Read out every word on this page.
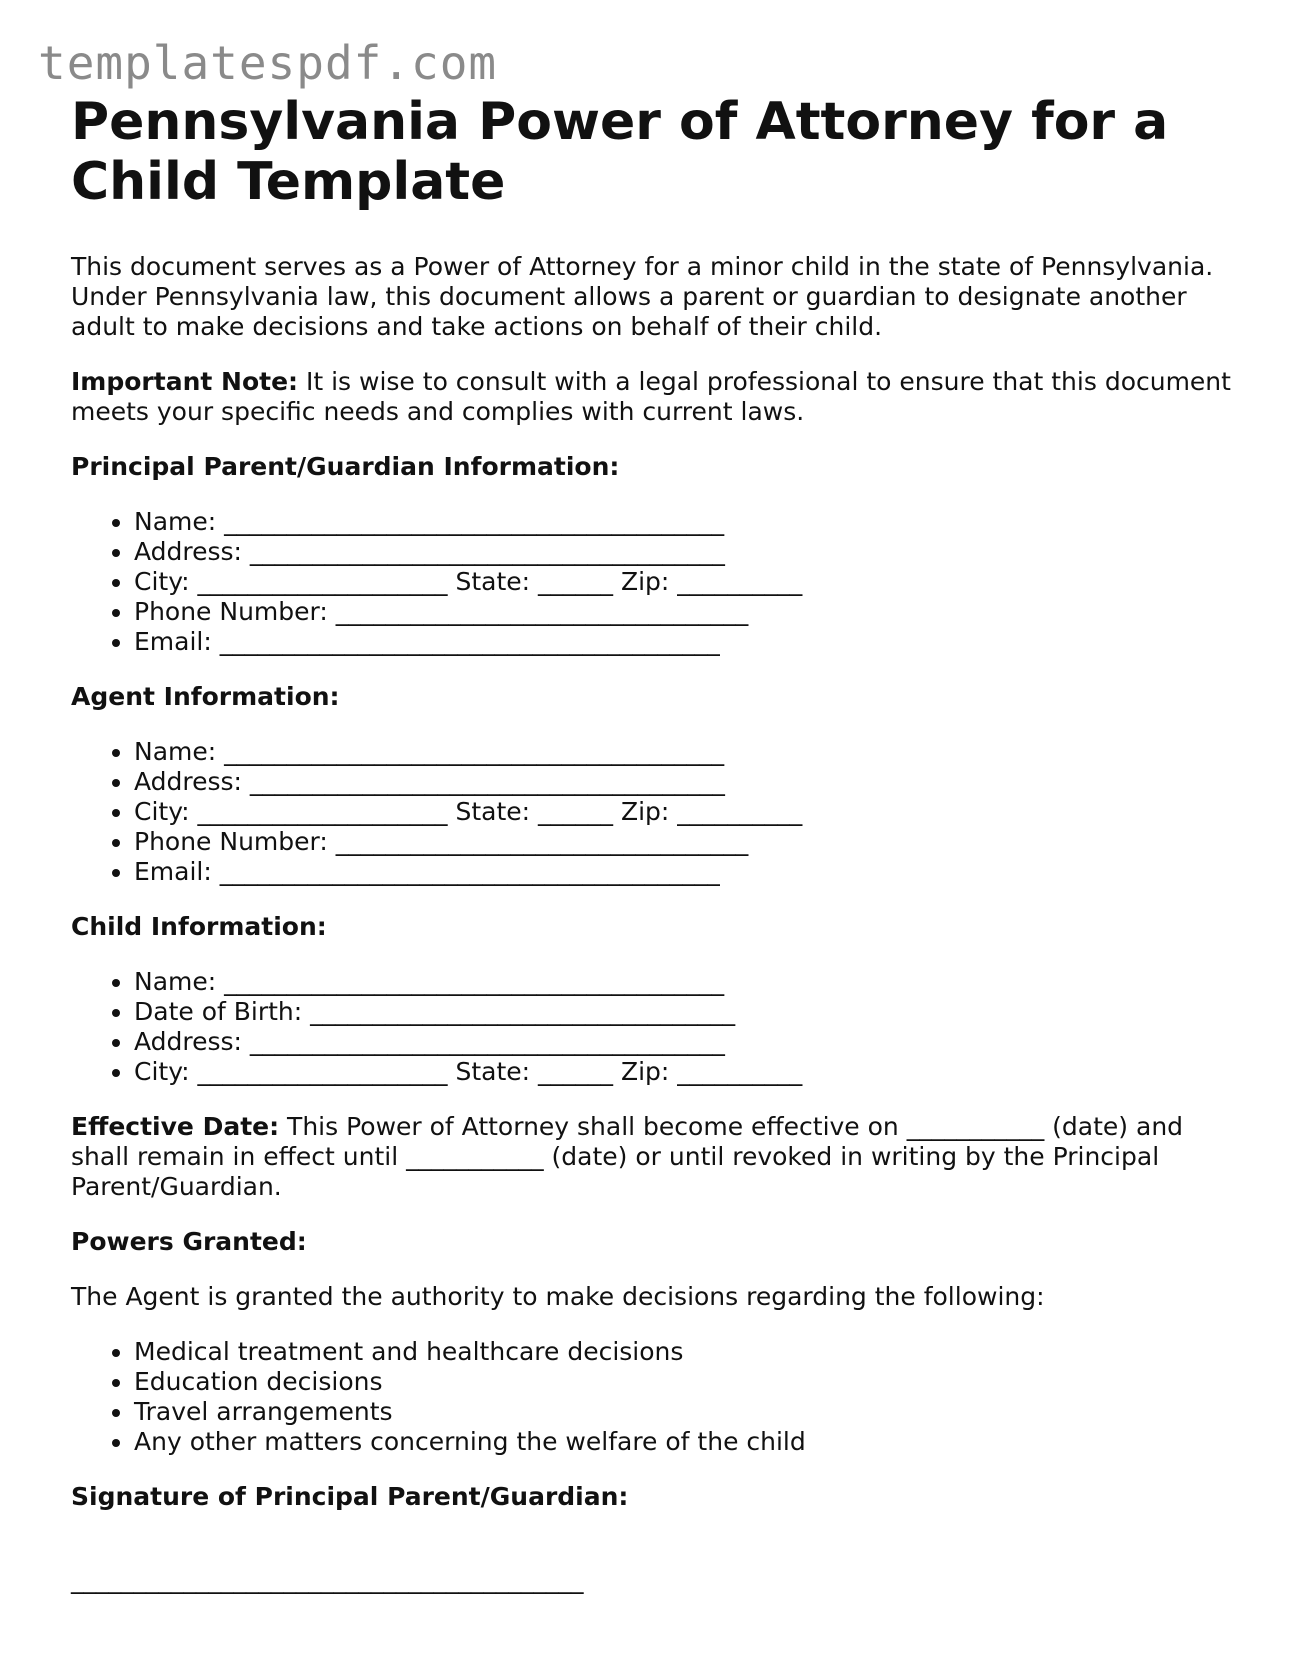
templatespdf.com
Pennsylvania Power of Attorney for a
Child Template

This document serves as a Power of Attorney for a minor child in the state of Pennsylvania. Under Pennsylvania law, this document allows a parent or guardian to designate another adult to make decisions and take actions on behalf of their child.

Important Note: It is wise to consult with a legal professional to ensure that this document meets your specific needs and complies with current laws.

Principal Parent/Guardian Information:

• Name: ________________________________________
• Address: ______________________________________
• City: ____________________ State: ______ Zip: __________
• Phone Number: _________________________________
• Email: ________________________________________

Agent Information:

• Name: ________________________________________
• Address: ______________________________________
• City: ____________________ State: ______ Zip: __________
• Phone Number: _________________________________
• Email: ________________________________________

Child Information:

• Name: ________________________________________
• Date of Birth: __________________________________
• Address: ______________________________________
• City: ____________________ State: ______ Zip: __________

Effective Date: This Power of Attorney shall become effective on ___________ (date) and shall remain in effect until ___________ (date) or until revoked in writing by the Principal Parent/Guardian.

Powers Granted:

The Agent is granted the authority to make decisions regarding the following:

• Medical treatment and healthcare decisions
• Education decisions
• Travel arrangements
• Any other matters concerning the welfare of the child

Signature of Principal Parent/Guardian:

_________________________________________
